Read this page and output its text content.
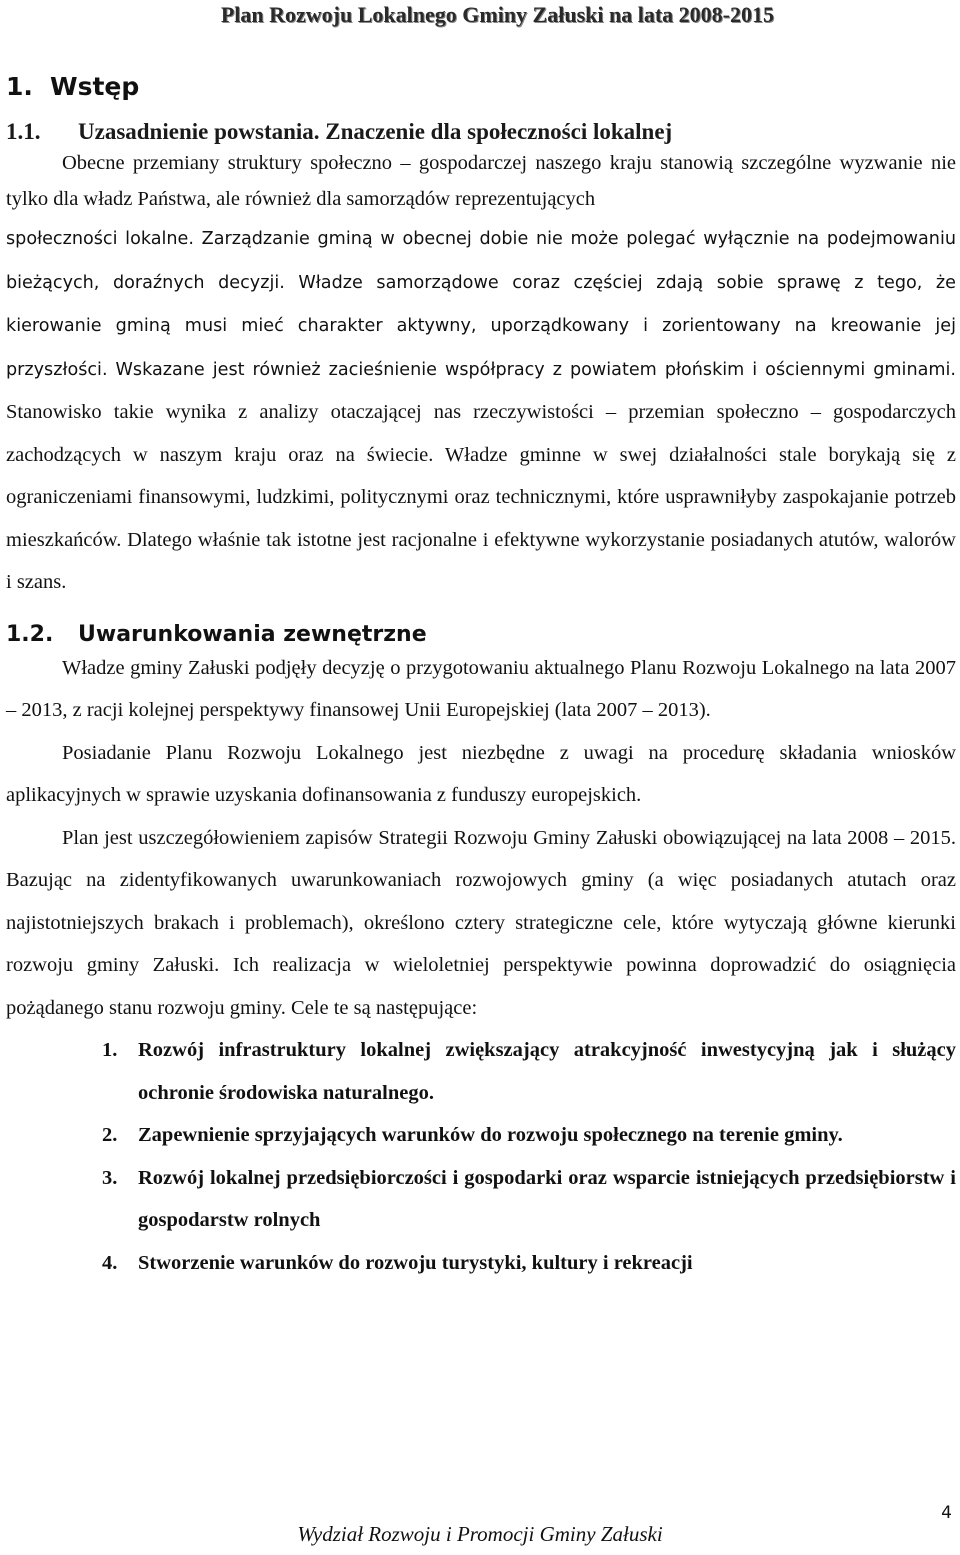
Plan Rozwoju Lokalnego Gminy Załuski na lata 2008-2015
1. Wstęp
1.1.	Uzasadnienie powstania. Znaczenie dla społeczności lokalnej

Obecne przemiany struktury społeczno – gospodarczej naszego kraju stanowią szczególne wyzwanie nie tylko dla władz Państwa, ale również dla samorządów reprezentujących

społeczności lokalne. Zarządzanie gminą w obecnej dobie nie może polegać wyłącznie na podejmowaniu bieżących, doraźnych decyzji. Władze samorządowe coraz częściej zdają sobie sprawę z tego, że kierowanie gminą musi mieć charakter aktywny, uporządkowany i zorientowany na kreowanie jej przyszłości. Wskazane jest również zacieśnienie współpracy z powiatem płońskim i ościennymi gminami. Stanowisko takie wynika z analizy otaczającej nas rzeczywistości – przemian społeczno – gospodarczych zachodzących w naszym kraju oraz na świecie. Władze gminne w swej działalności stale borykają się z ograniczeniami finansowymi, ludzkimi, politycznymi oraz technicznymi, które usprawniłyby zaspokajanie potrzeb mieszkańców. Dlatego właśnie tak istotne jest racjonalne i efektywne wykorzystanie posiadanych atutów, walorów i szans.

1.2.	Uwarunkowania zewnętrzne

Władze gminy Załuski podjęły decyzję o przygotowaniu aktualnego Planu Rozwoju Lokalnego na lata 2007 – 2013, z racji kolejnej perspektywy finansowej Unii Europejskiej (lata 2007 – 2013).

Posiadanie Planu Rozwoju Lokalnego jest niezbędne z uwagi na procedurę składania wniosków aplikacyjnych w sprawie uzyskania dofinansowania z funduszy europejskich.

Plan jest uszczegółowieniem zapisów Strategii Rozwoju Gminy Załuski obowiązującej na lata 2008 – 2015. Bazując na zidentyfikowanych uwarunkowaniach rozwojowych gminy (a więc posiadanych atutach oraz najistotniejszych brakach i problemach), określono cztery strategiczne cele, które wytyczają główne kierunki rozwoju gminy Załuski. Ich realizacja w wieloletniej perspektywie powinna doprowadzić do osiągnięcia pożądanego stanu rozwoju gminy. Cele te są następujące:

1.	Rozwój infrastruktury lokalnej zwiększający atrakcyjność inwestycyjną jak i służący ochronie środowiska naturalnego.
2.	Zapewnienie sprzyjających warunków do rozwoju społecznego na terenie gminy.
3.	Rozwój lokalnej przedsiębiorczości i gospodarki oraz wsparcie istniejących przedsiębiorstw i gospodarstw rolnych
4.	Stworzenie warunków do rozwoju turystyki, kultury i rekreacji
4
Wydział Rozwoju i Promocji Gminy Załuski
